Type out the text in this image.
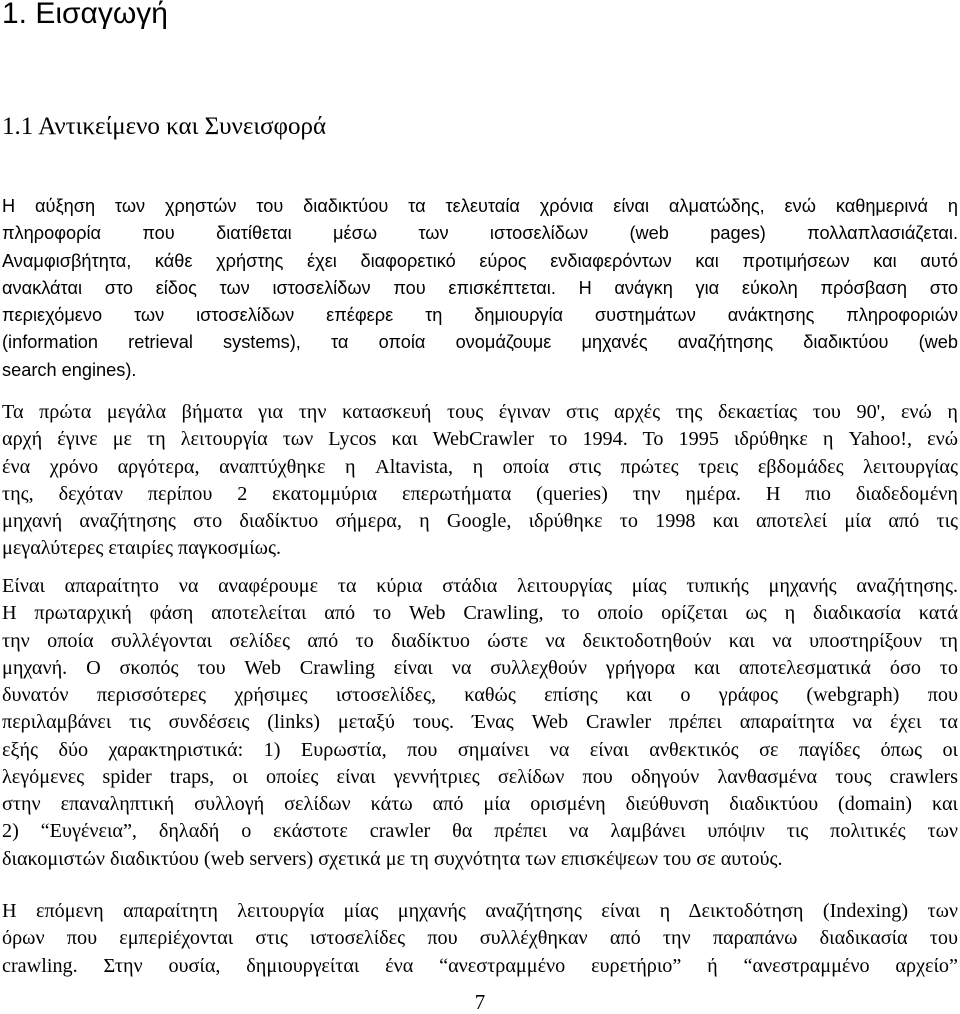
1. Εισαγωγή
1.1 Αντικείμενο και Συνεισφορά
Η αύξηση των χρηστών του διαδικτύου τα τελευταία χρόνια είναι αλματώδης, ενώ καθημερινά η
πληροφορία που διατίθεται μέσω των ιστοσελίδων (web pages) πολλαπλασιάζεται.
Αναμφισβήτητα, κάθε χρήστης έχει διαφορετικό εύρος ενδιαφερόντων και προτιμήσεων και αυτό
ανακλάται στο είδος των ιστοσελίδων που επισκέπτεται. Η ανάγκη για εύκολη πρόσβαση στο
περιεχόμενο των ιστοσελίδων επέφερε τη δημιουργία συστημάτων ανάκτησης πληροφοριών
(information retrieval systems), τα οποία ονομάζουμε μηχανές αναζήτησης διαδικτύου (web
search engines).
Τα πρώτα μεγάλα βήματα για την κατασκευή τους έγιναν στις αρχές της δεκαετίας του 90', ενώ η
αρχή έγινε με τη λειτουργία των Lycos και WebCrawler το 1994. Το 1995 ιδρύθηκε η Yahoo!, ενώ
ένα χρόνο αργότερα, αναπτύχθηκε η Altavista, η οποία στις πρώτες τρεις εβδομάδες λειτουργίας
της, δεχόταν περίπου 2 εκατομμύρια επερωτήματα (queries) την ημέρα. Η πιο διαδεδομένη
μηχανή αναζήτησης στο διαδίκτυο σήμερα, η Google, ιδρύθηκε το 1998 και αποτελεί μία από τις
μεγαλύτερες εταιρίες παγκοσμίως.
Είναι απαραίτητο να αναφέρουμε τα κύρια στάδια λειτουργίας μίας τυπικής μηχανής αναζήτησης.
Η πρωταρχική φάση αποτελείται από το Web Crawling, το οποίο ορίζεται ως η διαδικασία κατά
την οποία συλλέγονται σελίδες από το διαδίκτυο ώστε να δεικτοδοτηθούν και να υποστηρίξουν τη
μηχανή. Ο σκοπός του Web Crawling είναι να συλλεχθούν γρήγορα και αποτελεσματικά όσο το
δυνατόν περισσότερες χρήσιμες ιστοσελίδες, καθώς επίσης και ο γράφος (webgraph) που
περιλαμβάνει τις συνδέσεις (links) μεταξύ τους. Ένας Web Crawler πρέπει απαραίτητα να έχει τα
εξής δύο χαρακτηριστικά: 1) Ευρωστία, που σημαίνει να είναι ανθεκτικός σε παγίδες όπως οι
λεγόμενες spider traps, οι οποίες είναι γεννήτριες σελίδων που οδηγούν λανθασμένα τους crawlers
στην επαναληπτική συλλογή σελίδων κάτω από μία ορισμένη διεύθυνση διαδικτύου (domain) και
2) “Ευγένεια”, δηλαδή ο εκάστοτε crawler θα πρέπει να λαμβάνει υπόψιν τις πολιτικές των
διακομιστών διαδικτύου (web servers) σχετικά με τη συχνότητα των επισκέψεων του σε αυτούς.
Η επόμενη απαραίτητη λειτουργία μίας μηχανής αναζήτησης είναι η Δεικτοδότηση (Indexing) των
όρων που εμπερiέχονται στις ιστοσελίδες που συλλέχθηκαν από την παραπάνω διαδικασία του
crawling. Στην ουσία, δημιουργείται ένα “ανεστραμμένο ευρετήριο” ή “ανεστραμμένο αρχείο”
7
